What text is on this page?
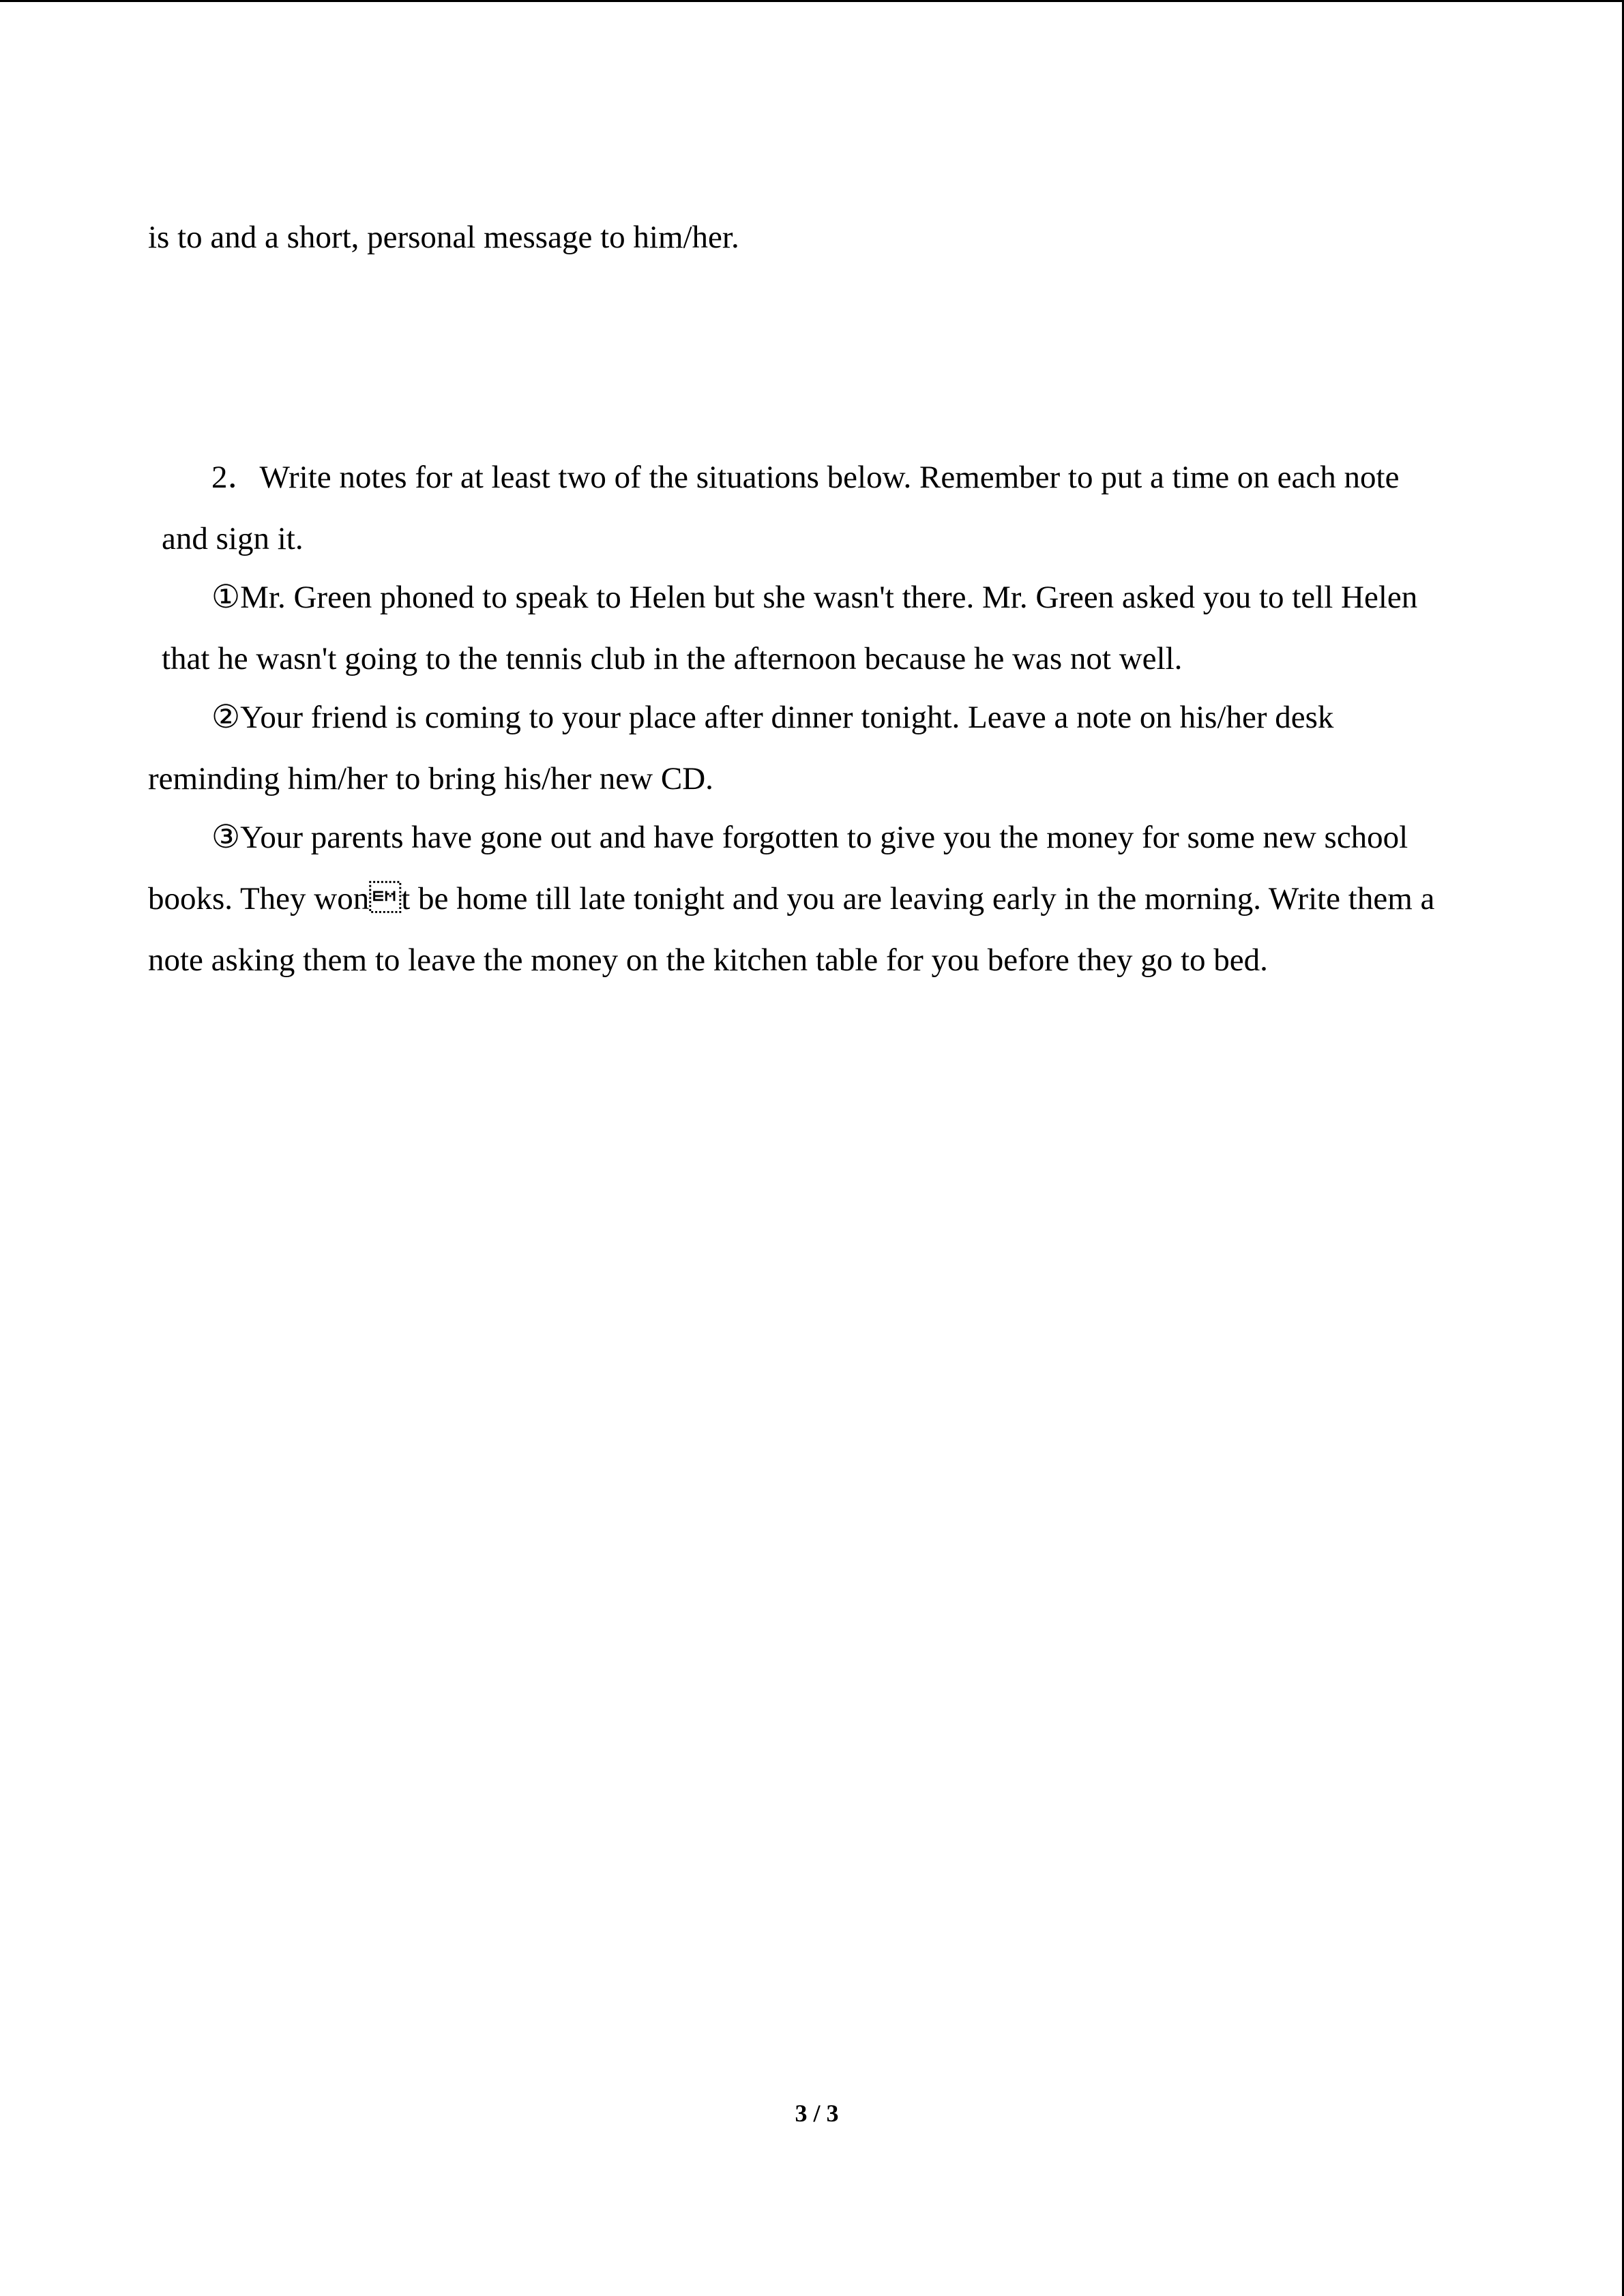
is to and a short, personal message to him/her.
2．Write notes for at least two of the situations below. Remember to put a time on each note
and sign it.
①Mr. Green phoned to speak to Helen but she wasn't there. Mr. Green asked you to tell Helen
that he wasn't going to the tennis club in the afternoon because he was not well.
②Your friend is coming to your place after dinner tonight. Leave a note on his/her desk
reminding him/her to bring his/her new CD.
③Your parents have gone out and have forgotten to give you the money for some new school
books. They wont be home till late tonight and you are leaving early in the morning. Write them a
note asking them to leave the money on the kitchen table for you before they go to bed.
3 / 3
